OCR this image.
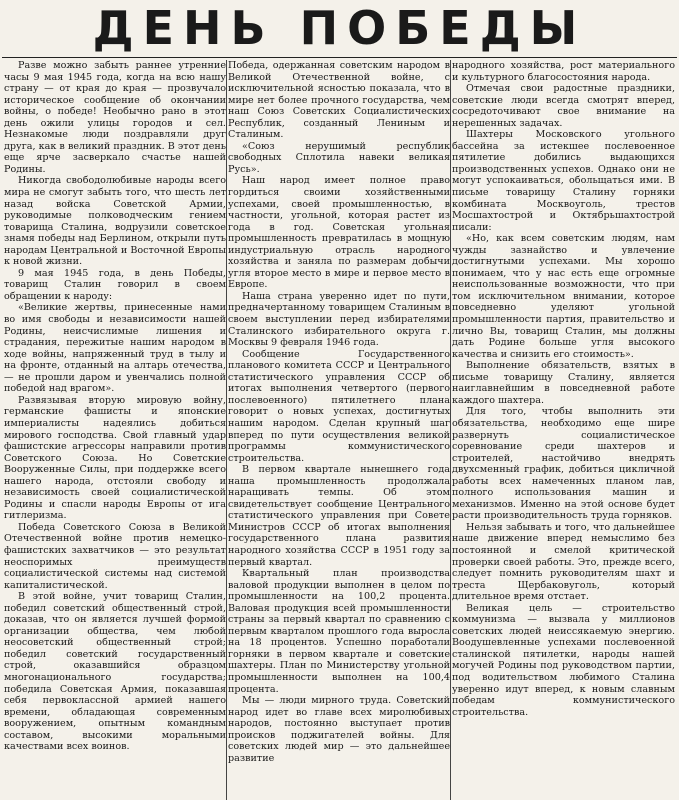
ДЕНЬ ПОБЕДЫ

Разве можно забыть раннее утренние часы 9 мая 1945 года, когда на всю нашу страну — от края до края — прозвучало историческое сообщение об окончании войны, о победе! Необычно рано в этот день ожили улицы городов и сел. Незнакомые люди поздравляли друг друга, как в великий праздник. В этот день еще ярче засверкало счастье нашей Родины.

Никогда свободолюбивые народы всего мира не смогут забыть того, что шесть лет назад войска Советской Армии, руководимые полководческим гением товарища Сталина, водрузили советское знамя победы над Берлином, открыли путь народам Центральной и Восточной Европы к новой жизни.

9 мая 1945 года, в день Победы, товарищ Сталин говорил в своем обращении к народу:

«Великие жертвы, принесенные нами во имя свободы и независимости нашей Родины, неисчислимые лишения и страдания, пережитые нашим народом в ходе войны, напряженный труд в тылу и на фронте, отданный на алтарь отечества, — не прошли даром и увенчались полной победой над врагом».

Развязывая вторую мировую войну, германские фашисты и японские империалисты надеялись добиться мирового господства. Свой главный удар фашистские агрессоры направили против Советского Союза. Но Советские Вооруженные Силы, при поддержке всего нашего народа, отстояли свободу и независимость своей социалистической Родины и спасли народы Европы от ига гитлеризма.

Победа Советского Союза в Великой Отечественной войне против немецко-фашистских захватчиков — это результат неоспоримых преимуществ социалистической системы над системой капиталистической.

В этой войне, учит товарищ Сталин, победил советский общественный строй, доказав, что он является лучшей формой организации общества, чем любой неосоветский общественный строй; победил советский государственный строй, оказавшийся образцом многонационального государства; победила Советская Армия, показавшая себя первоклассной армией нашего времени, обладающая современным вооружением, опытным командным составом, высокими моральными качествами всех воинов.

Победа, одержанная советским народом в Великой Отечественной войне, с исключительной ясностью показала, что в мире нет более прочного государства, чем наш Союз Советских Социалистических Республик, созданный Лениным и Сталиным.

«Союз нерушимый республик свободных Сплотила навеки великая Русь».

Наш народ имеет полное право гордиться своими хозяйственными успехами, своей промышленностью, в частности, угольной, которая растет из года в год. Советская угольная промышленность превратилась в мощную индустриальную отрасль народного хозяйства и заняла по размерам добычи угля второе место в мире и первое место в Европе.

Наша страна уверенно идет по пути, предначертанному товарищем Сталиным в своем выступлении перед избирателями Сталинского избирательного округа г. Москвы 9 февраля 1946 года.

Сообщение Государственного планового комитета СССР и Центрального статистического управления СССР об итогах выполнения четвертого (первого послевоенного) пятилетнего плана говорит о новых успехах, достигнутых нашим народом. Сделан крупный шаг вперед по пути осуществления великой программы коммунистического строительства.

В первом квартале нынешнего года наша промышленность продолжала наращивать темпы. Об этом свидетельствует сообщение Центрального статистического управления при Совете Министров СССР об итогах выполнения государственного плана развития народного хозяйства СССР в 1951 году за первый квартал.

Квартальный план производства валовой продукции выполнен в целом по промышленности на 100,2 процента. Валовая продукция всей промышленности страны за первый квартал по сравнению с первым кварталом прошлого года выросла на 18 процентов. Успешно поработали горняки в первом квартале и советские шахтеры. План по Министерству угольной промышленности выполнен на 100,4 процента.

Мы — люди мирного труда. Советский народ идет во главе всех миролюбивых народов, постоянно выступает против происков поджигателей войны. Для советских людей мир — это дальнейшее развитие

народного хозяйства, рост материального и культурного благосостояния народа.

Отмечая свои радостные праздники, советские люди всегда смотрят вперед, сосредоточивают свое внимание на нерешенных задачах.

Шахтеры Московского угольного бассейна за истекшее послевоенное пятилетие добились выдающихся производственных успехов. Однако они не могут успокаиваться, обольщаться ими. В письме товарищу Сталину горняки комбината Москвоуголь, трестов Мосшахтострой и Октябрьшахтострой писали:

«Но, как всем советским людям, нам чужды зазнайство и увлечение достигнутыми успехами. Мы хорошо понимаем, что у нас есть еще огромные неиспользованные возможности, что при том исключительном внимании, которое повседневно уделяют угольной промышленности партия, правительство и лично Вы, товарищ Сталин, мы должны дать Родине больше угля высокого качества и снизить его стоимость».

Выполнение обязательств, взятых в письме товарищу Сталину, является наиглавнейшим в повседневной работе каждого шахтера.

Для того, чтобы выполнить эти обязательства, необходимо еще шире развернуть социалистическое соревнование среди шахтеров и строителей, настойчиво внедрять двухсменный график, добиться цикличной работы всех намеченных планом лав, полного использования машин и механизмов. Именно на этой основе будет расти производительность труда горняков.

Нельзя забывать и того, что дальнейшее наше движение вперед немыслимо без постоянной и смелой критической проверки своей работы. Это, прежде всего, следует помнить руководителям шахт и треста Щербаковуголь, который длительное время отстает.

Великая цель — строительство коммунизма — вызвала у миллионов советских людей неиссякаемую энергию. Воодушевленные успехами послевоенной сталинской пятилетки, народы нашей могучей Родины под руководством партии, под водительством любимого Сталина уверенно идут вперед, к новым славным победам коммунистического строительства.
